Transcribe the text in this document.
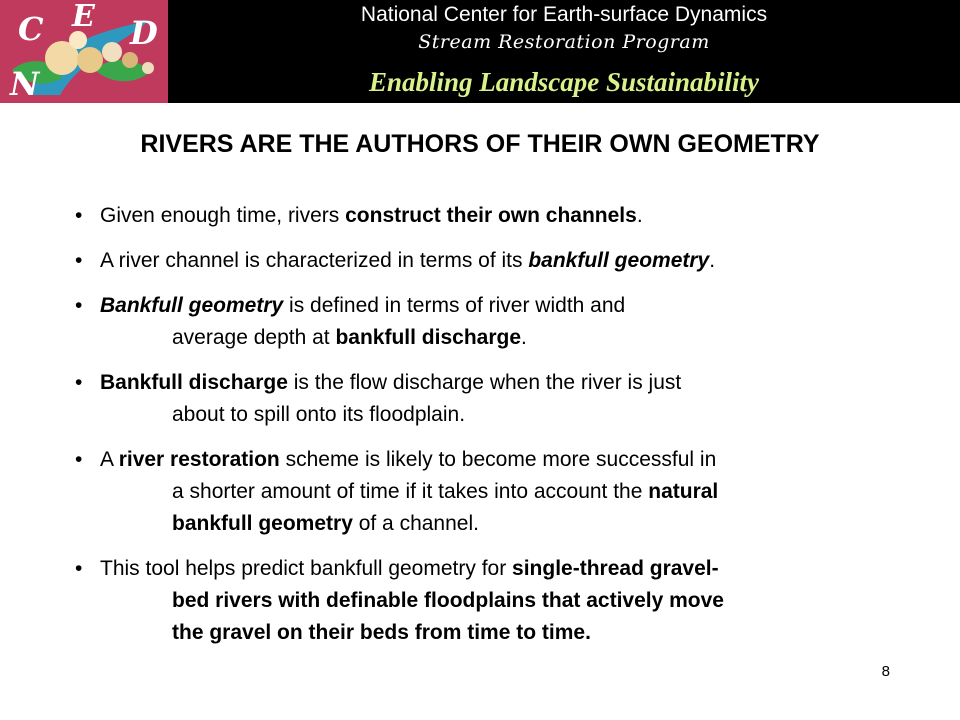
C E D
N
National Center for Earth-surface Dynamics
Stream Restoration Program
Enabling Landscape Sustainability
RIVERS ARE THE AUTHORS OF THEIR OWN GEOMETRY
• Given enough time, rivers construct their own channels.
• A river channel is characterized in terms of its bankfull geometry.
• Bankfull geometry is defined in terms of river width and
average depth at bankfull discharge.
• Bankfull discharge is the flow discharge when the river is just
about to spill onto its floodplain.
• A river restoration scheme is likely to become more successful in
a shorter amount of time if it takes into account the natural
bankfull geometry of a channel.
• This tool helps predict bankfull geometry for single-thread gravel-
bed rivers with definable floodplains that actively move
the gravel on their beds from time to time.
8
